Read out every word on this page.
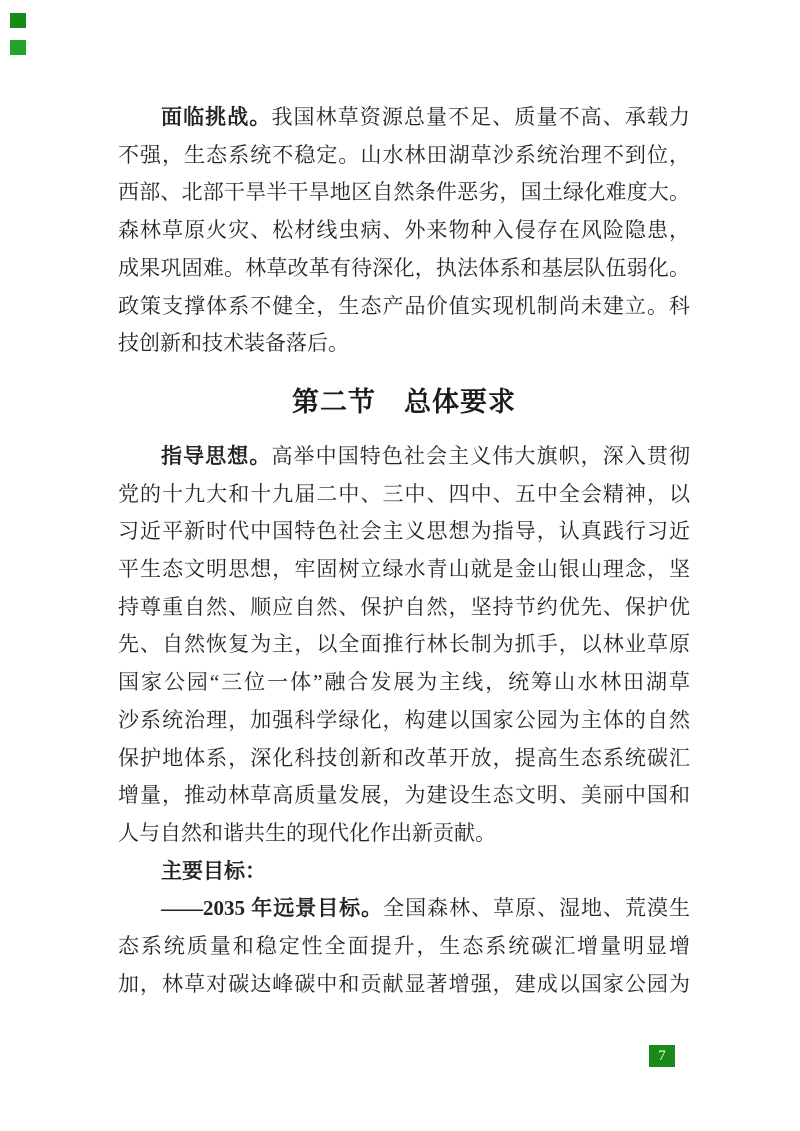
面临挑战。我国林草资源总量不足、质量不高、承载力
不强，生态系统不稳定。山水林田湖草沙系统治理不到位，
西部、北部干旱半干旱地区自然条件恶劣，国土绿化难度大。
森林草原火灾、松材线虫病、外来物种入侵存在风险隐患，
成果巩固难。林草改革有待深化，执法体系和基层队伍弱化。
政策支撑体系不健全，生态产品价值实现机制尚未建立。科
技创新和技术装备落后。
第二节　总体要求
指导思想。高举中国特色社会主义伟大旗帜，深入贯彻
党的十九大和十九届二中、三中、四中、五中全会精神，以
习近平新时代中国特色社会主义思想为指导，认真践行习近
平生态文明思想，牢固树立绿水青山就是金山银山理念，坚
持尊重自然、顺应自然、保护自然，坚持节约优先、保护优
先、自然恢复为主，以全面推行林长制为抓手，以林业草原
国家公园“三位一体”融合发展为主线，统筹山水林田湖草
沙系统治理，加强科学绿化，构建以国家公园为主体的自然
保护地体系，深化科技创新和改革开放，提高生态系统碳汇
增量，推动林草高质量发展，为建设生态文明、美丽中国和
人与自然和谐共生的现代化作出新贡献。
主要目标：
——2035 年远景目标。全国森林、草原、湿地、荒漠生
态系统质量和稳定性全面提升，生态系统碳汇增量明显增
加，林草对碳达峰碳中和贡献显著增强，建成以国家公园为
7
